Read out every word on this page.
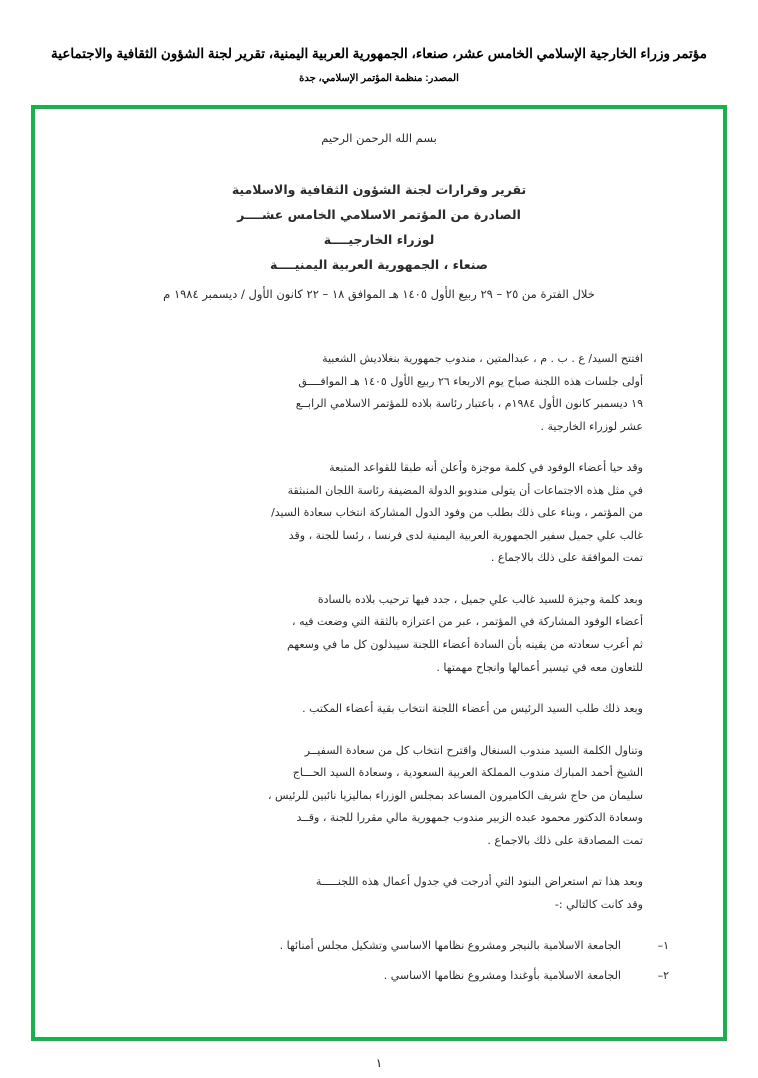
مؤتمر وزراء الخارجية الإسلامي الخامس عشر، صنعاء، الجمهورية العربية اليمنية، تقرير لجنة الشؤون الثقافية والاجتماعية
المصدر: منظمة المؤتمر الإسلامي، جدة
بسم الله الرحمن الرحيم
تقرير وقرارات لجنة الشؤون الثقافية والاسلامية
الصادرة من المؤتمر الاسلامي الخامس عشــــر
لوزراء الخارجيــــة
صنعاء ، الجمهورية العربية اليمنيــــة
خلال الفترة من ٢٥ – ٢٩ ربيع الأول ١٤٠٥ هـ الموافق ١٨ – ٢٢ كانون الأول / ديسمبر ١٩٨٤ م

افتتح السيد/ ع . ب . م ، عبدالمتين ، مندوب جمهورية بنغلاديش الشعبية
أولى جلسات هذه اللجنة صباح يوم الاربعاء ٢٦ ربيع الأول ١٤٠٥ هـ الموافــــق
١٩ ديسمبر كانون الأول ١٩٨٤م ، باعتبار رئاسة بلاده للمؤتمر الاسلامي الرابــع
عشر لوزراء الخارجية .

وقد حيا أعضاء الوفود في كلمة موجزة وأعلن أنه طبقا للقواعد المتبعة
في مثل هذه الاجتماعات أن يتولى مندوبو الدولة المضيفة رئاسة اللجان المنبثقة
من المؤتمر ، وبناء على ذلك بطلب من وفود الدول المشاركة انتخاب سعادة السيد/
غالب علي جميل سفير الجمهورية العربية اليمنية لدى فرنسا ، رئسا للجنة ، وقد
تمت الموافقة على ذلك بالاجماع .

وبعد كلمة وجيزة للسيد غالب علي جميل ، جدد فيها ترحيب بلاده بالسادة
أعضاء الوفود المشاركة في المؤتمر ، عبر من اعترازه بالثقة التي وضعت فيه ،
ثم أعرب سعادته من يقينه بأن السادة أعضاء اللجنة سيبذلون كل ما في وسعهم
للتعاون معه في تيسير أعمالها وانجاح مهمتها .

وبعد ذلك طلب السيد الرئيس من أعضاء اللجنة انتخاب بقية أعضاء المكتب .

وتناول الكلمة السيد مندوب السنغال واقترح انتخاب كل من سعادة السفيــر
الشيخ أحمد المبارك مندوب المملكة العربية السعودية ، وسعادة السيد الحـــاج
سليمان من حاج شريف الكاميرون المساعد بمجلس الوزراء بماليزيا نائبين للرئيس ،
وسعادة الدكتور محمود عبده الزبير مندوب جمهورية مالي مقررا للجنة ، وقــد
تمت المصادقة على ذلك بالاجماع .

وبعد هذا تم استعراض البنود التي أدرجت في جدول أعمال هذه اللجنـــــة
وقد كانت كالتالي :-

١–
الجامعة الاسلامية بالنيجر ومشروع نظامها الاساسي وتشكيل مجلس أمنائها .
٢–
الجامعة الاسلامية بأوغندا ومشروع نظامها الاساسي .
١
